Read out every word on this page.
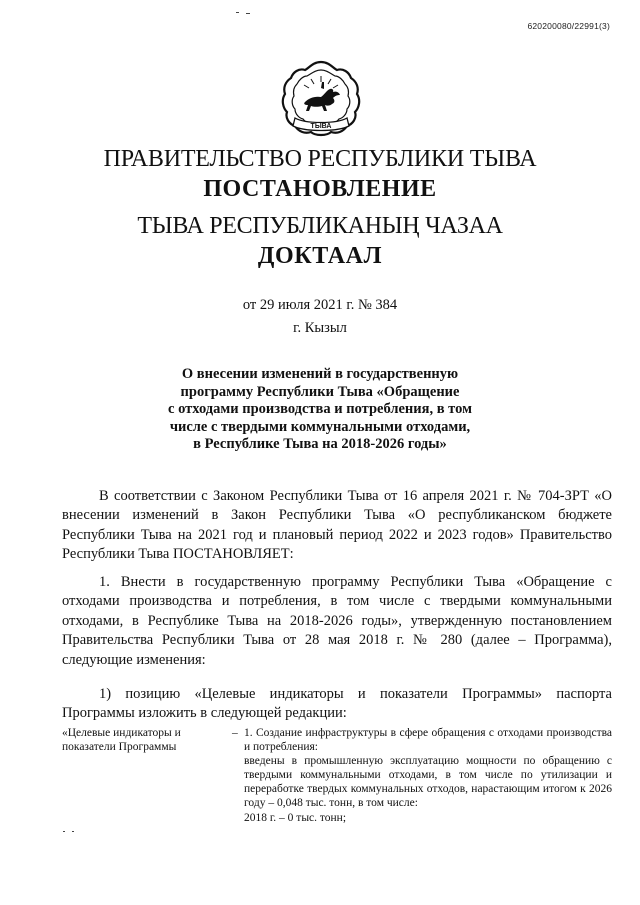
620200080/22991(3)
ТЫВА
ПРАВИТЕЛЬСТВО РЕСПУБЛИКИ ТЫВА
ПОСТАНОВЛЕНИЕ
ТЫВА РЕСПУБЛИКАНЫҢ ЧАЗАА
ДОКТААЛ
от 29 июля 2021 г. № 384
г. Кызыл
О внесении изменений в государственную
программу Республики Тыва «Обращение
с отходами производства и потребления, в том
числе с твердыми коммунальными отходами,
в Республике Тыва на 2018-2026 годы»
В соответствии с Законом Республики Тыва от 16 апреля 2021 г. № 704-ЗРТ «О внесении изменений в Закон Республики Тыва «О республиканском бюджете Республики Тыва на 2021 год и плановый период 2022 и 2023 годов» Правительство Республики Тыва ПОСТАНОВЛЯЕТ:
1. Внести в государственную программу Республики Тыва «Обращение с отходами производства и потребления, в том числе с твердыми коммунальными отходами, в Республике Тыва на 2018-2026 годы», утвержденную постановлением Правительства Республики Тыва от 28 мая 2018 г. № 280 (далее – Программа), следующие изменения:
1) позицию «Целевые индикаторы и показатели Программы» паспорта Программы изложить в следующей редакции:
«Целевые индикаторы и
показатели Программы
– 1. Создание инфраструктуры в сфере обращения с отходами производства и потребления:
введены в промышленную эксплуатацию мощности по обращению с твердыми коммунальными отходами, в том числе по утилизации и переработке твердых коммунальных отходов, нарастающим итогом к 2026 году – 0,048 тыс. тонн, в том числе:
2018 г. – 0 тыс. тонн;
